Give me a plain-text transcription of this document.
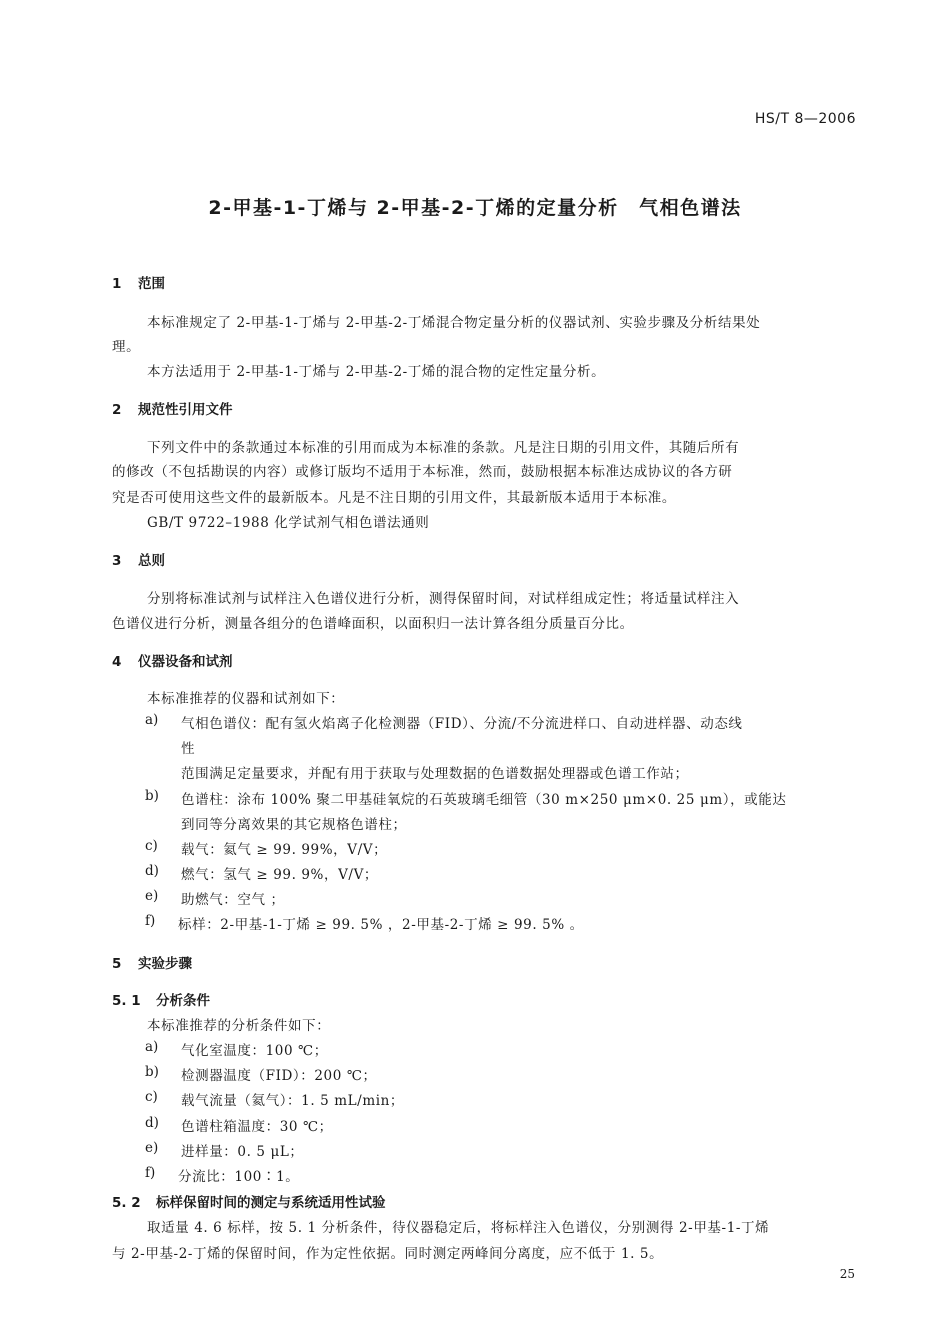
HS/T 8—2006
2-甲基-1-丁烯与 2-甲基-2-丁烯的定量分析　气相色谱法
1 范围
本标准规定了 2-甲基-1-丁烯与 2-甲基-2-丁烯混合物定量分析的仪器试剂、实验步骤及分析结果处
理。
本方法适用于 2-甲基-1-丁烯与 2-甲基-2-丁烯的混合物的定性定量分析。
2 规范性引用文件
下列文件中的条款通过本标准的引用而成为本标准的条款。凡是注日期的引用文件，其随后所有
的修改（不包括勘误的内容）或修订版均不适用于本标准，然而，鼓励根据本标准达成协议的各方研
究是否可使用这些文件的最新版本。凡是不注日期的引用文件，其最新版本适用于本标准。
GB/T 9722–1988 化学试剂气相色谱法通则
3 总则
分别将标准试剂与试样注入色谱仪进行分析，测得保留时间，对试样组成定性；将适量试样注入
色谱仪进行分析，测量各组分的色谱峰面积，以面积归一法计算各组分质量百分比。
4 仪器设备和试剂
本标准推荐的仪器和试剂如下：
a) 气相色谱仪：配有氢火焰离子化检测器（FID）、分流/不分流进样口、自动进样器、动态线
性
范围满足定量要求，并配有用于获取与处理数据的色谱数据处理器或色谱工作站；
b) 色谱柱：涂布 100% 聚二甲基硅氧烷的石英玻璃毛细管（30 m×250 μm×0. 25 μm），或能达
到同等分离效果的其它规格色谱柱；
c) 载气：氦气 ≥ 99. 99%，V/V；
d) 燃气：氢气 ≥ 99. 9%，V/V；
e) 助燃气：空气 ；
f) 标样：2-甲基-1-丁烯 ≥ 99. 5% ，2-甲基-2-丁烯 ≥ 99. 5% 。
5 实验步骤
5. 1 分析条件
本标准推荐的分析条件如下：
a) 气化室温度：100 ℃；
b) 检测器温度（FID）：200 ℃；
c) 载气流量（氦气）：1. 5 mL/min；
d) 色谱柱箱温度：30 ℃；
e) 进样量：0. 5 μL；
f) 分流比：100∶1。
5. 2 标样保留时间的测定与系统适用性试验
取适量 4. 6 标样，按 5. 1 分析条件，待仪器稳定后，将标样注入色谱仪，分别测得 2-甲基-1-丁烯
与 2-甲基-2-丁烯的保留时间，作为定性依据。同时测定两峰间分离度，应不低于 1. 5。
25
